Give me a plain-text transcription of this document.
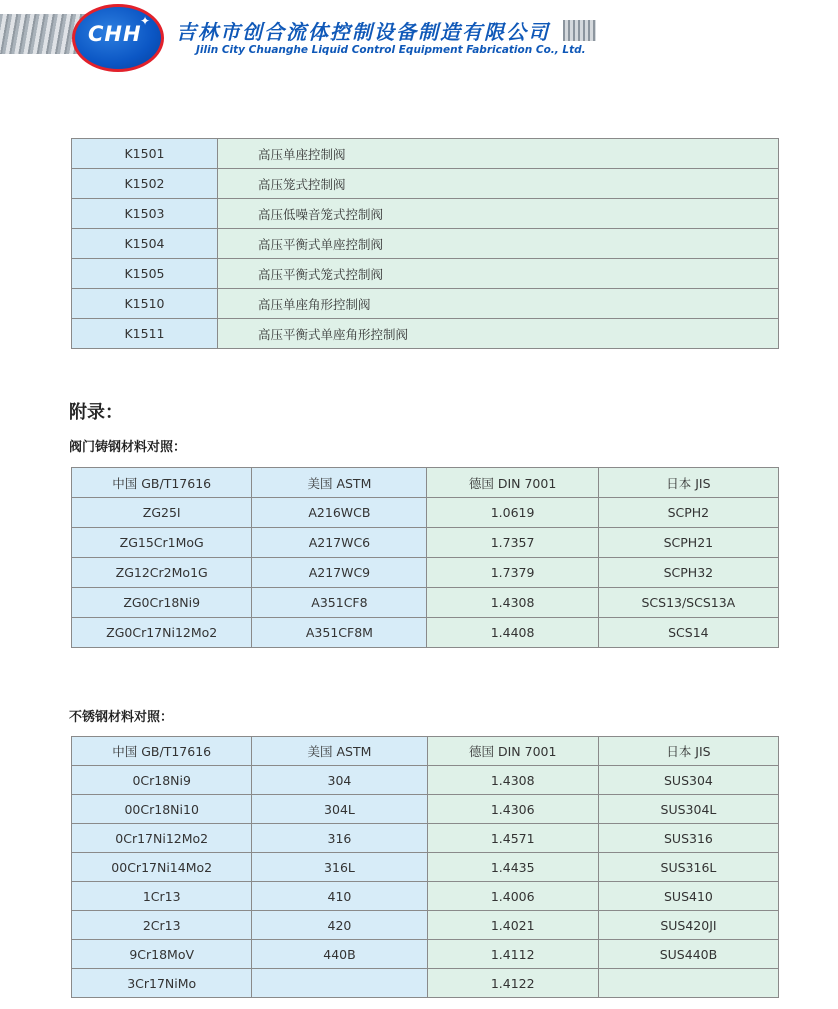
CHH
✦ 吉林市创合流体控制设备制造有限公司
Jilin City Chuanghe Liquid Control Equipment Fabrication Co., Ltd.
K1501	高压单座控制阀
K1502	高压笼式控制阀
K1503	高压低噪音笼式控制阀
K1504	高压平衡式单座控制阀
K1505	高压平衡式笼式控制阀
K1510	高压单座角形控制阀
K1511	高压平衡式单座角形控制阀
附录：
阀门铸钢材料对照：
中国 GB/T17616	美国 ASTM	德国 DIN 7001	日本 JIS
ZG25I	A216WCB	1.0619	SCPH2
ZG15Cr1MoG	A217WC6	1.7357	SCPH21
ZG12Cr2Mo1G	A217WC9	1.7379	SCPH32
ZG0Cr18Ni9	A351CF8	1.4308	SCS13/SCS13A
ZG0Cr17Ni12Mo2	A351CF8M	1.4408	SCS14
不锈钢材料对照：
中国 GB/T17616	美国 ASTM	德国 DIN 7001	日本 JIS
0Cr18Ni9	304	1.4308	SUS304
00Cr18Ni10	304L	1.4306	SUS304L
0Cr17Ni12Mo2	316	1.4571	SUS316
00Cr17Ni14Mo2	316L	1.4435	SUS316L
1Cr13	410	1.4006	SUS410
2Cr13	420	1.4021	SUS420JI
9Cr18MoV	440B	1.4112	SUS440B
3Cr17NiMo		1.4122	
